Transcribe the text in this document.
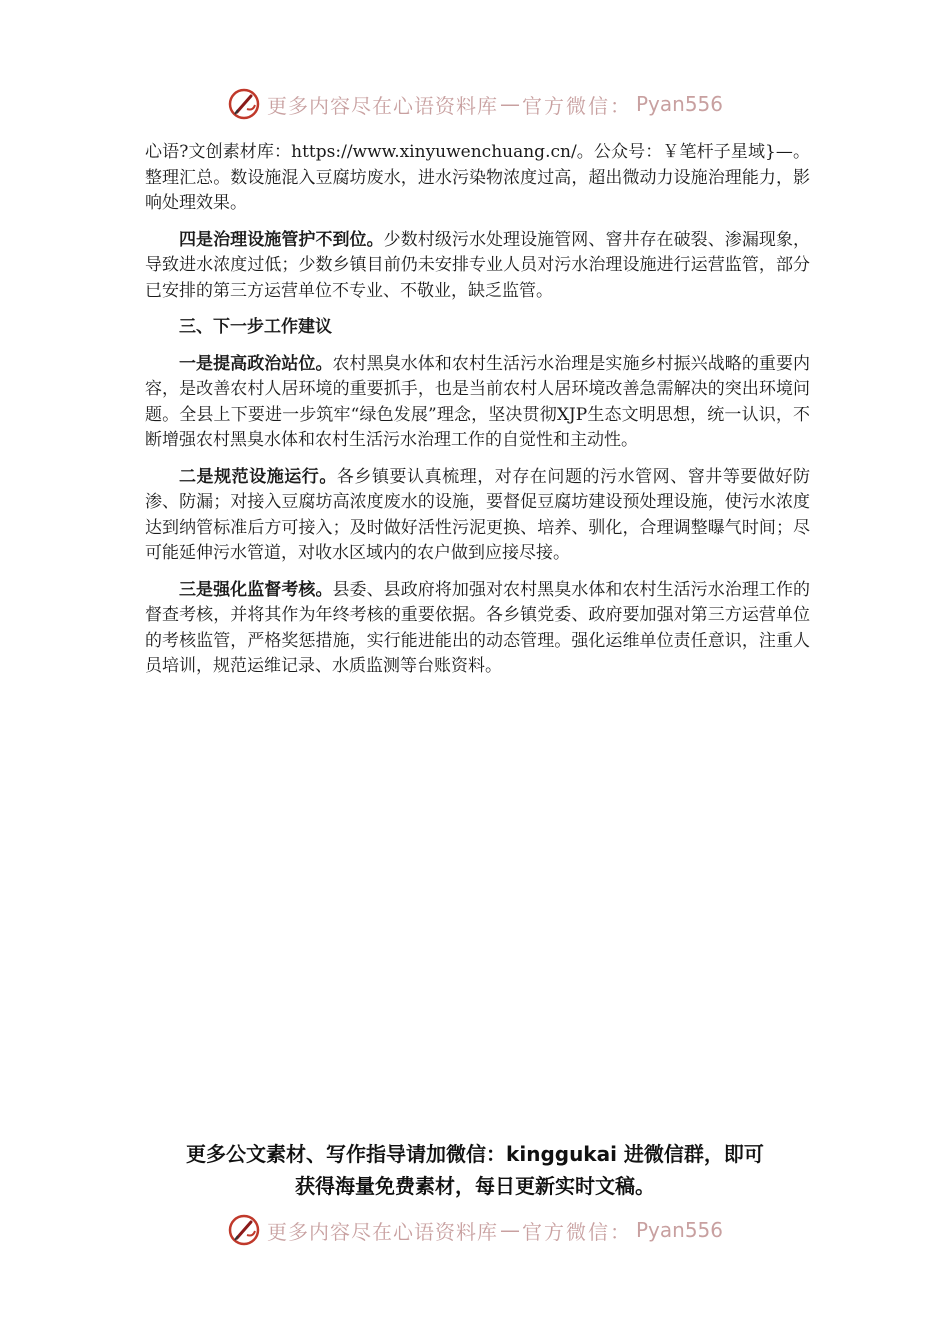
更多内容尽在心语资料库 — 官方微信： Pyan556

心语?文创素材库：https://www.xinyuwenchuang.cn/。公众号：￥笔杆子星域}—。整理汇总。数设施混入豆腐坊废水，进水污染物浓度过高，超出微动力设施治理能力，影响处理效果。

四是治理设施管护不到位。少数村级污水处理设施管网、窨井存在破裂、渗漏现象，导致进水浓度过低；少数乡镇目前仍未安排专业人员对污水治理设施进行运营监管，部分已安排的第三方运营单位不专业、不敬业，缺乏监管。

三、下一步工作建议

一是提高政治站位。农村黑臭水体和农村生活污水治理是实施乡村振兴战略的重要内容，是改善农村人居环境的重要抓手，也是当前农村人居环境改善急需解决的突出环境问题。全县上下要进一步筑牢“绿色发展”理念，坚决贯彻XJP生态文明思想，统一认识，不断增强农村黑臭水体和农村生活污水治理工作的自觉性和主动性。

二是规范设施运行。各乡镇要认真梳理，对存在问题的污水管网、窨井等要做好防渗、防漏；对接入豆腐坊高浓度废水的设施，要督促豆腐坊建设预处理设施，使污水浓度达到纳管标准后方可接入；及时做好活性污泥更换、培养、驯化，合理调整曝气时间；尽可能延伸污水管道，对收水区域内的农户做到应接尽接。

三是强化监督考核。县委、县政府将加强对农村黑臭水体和农村生活污水治理工作的督查考核，并将其作为年终考核的重要依据。各乡镇党委、政府要加强对第三方运营单位的考核监管，严格奖惩措施，实行能进能出的动态管理。强化运维单位责任意识，注重人员培训，规范运维记录、水质监测等台账资料。

更多公文素材、写作指导请加微信：kinggukai 进微信群，即可
获得海量免费素材，每日更新实时文稿。
更多内容尽在心语资料库 — 官方微信： Pyan556
